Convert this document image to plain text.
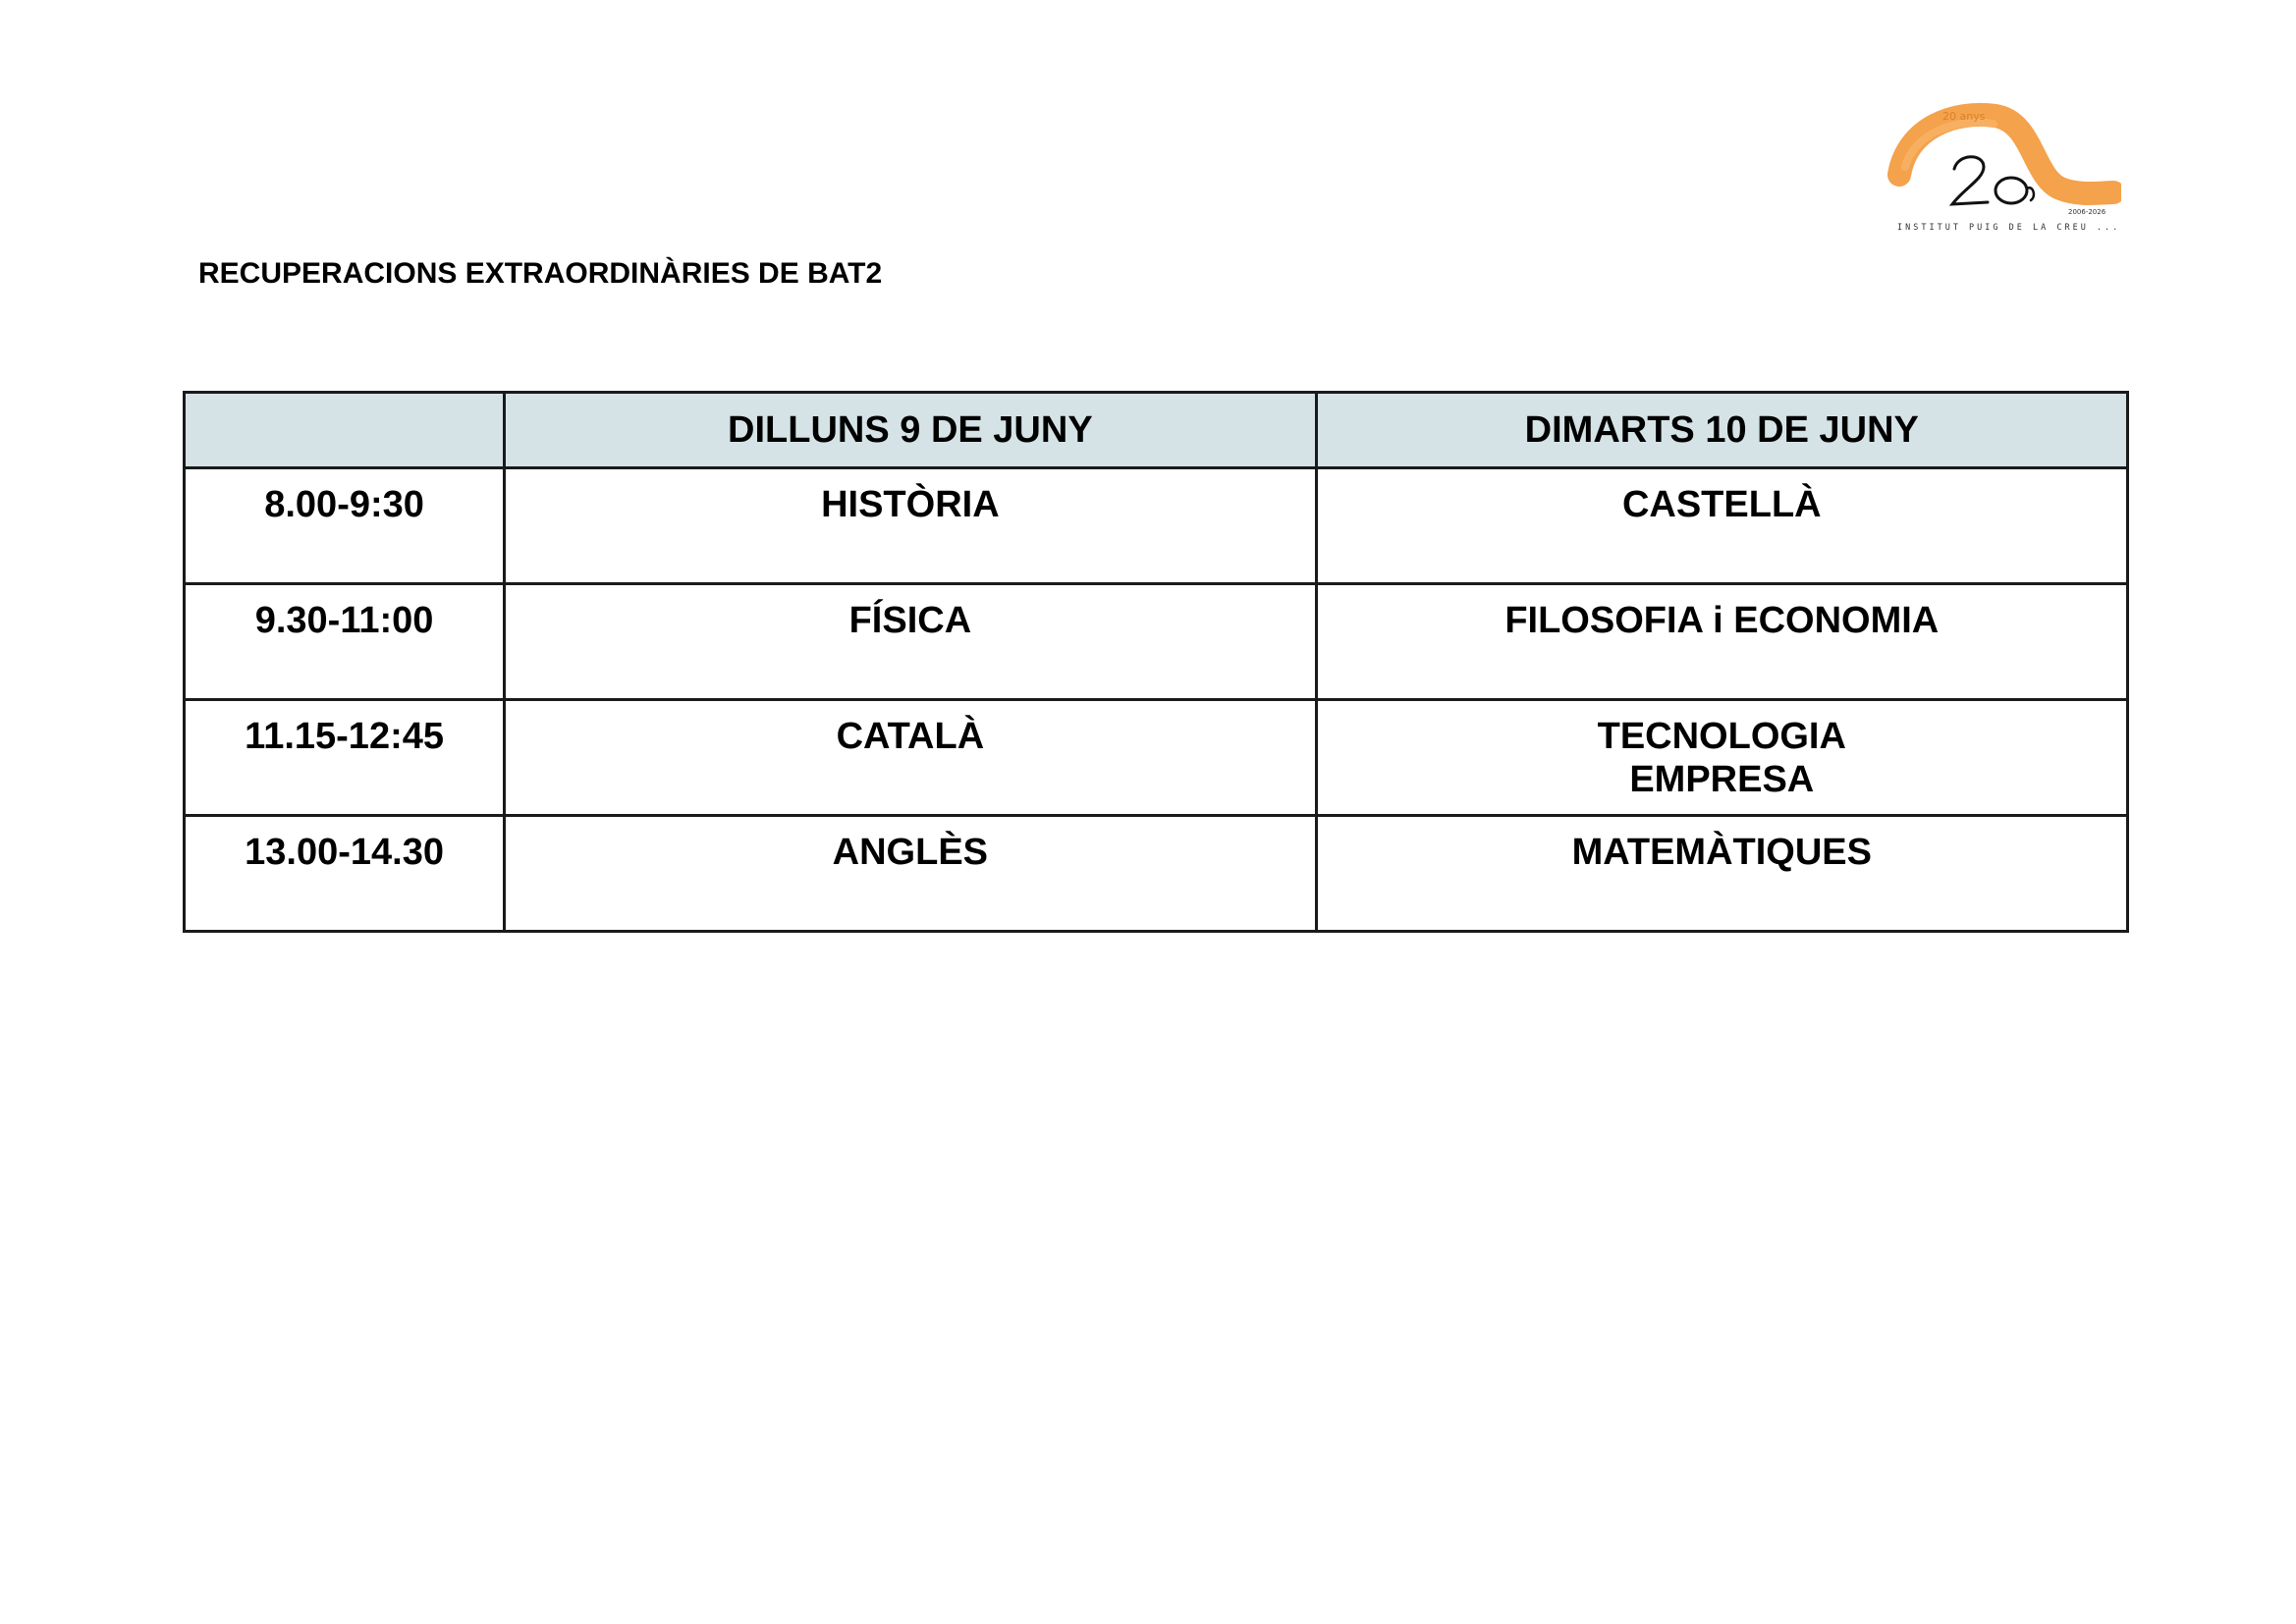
RECUPERACIONS EXTRAORDINÀRIES DE BAT2
20 anys
2006-2026
INSTITUT PUIG DE LA CREU ...
	DILLUNS 9 DE JUNY	DIMARTS 10 DE JUNY
8.00-9:30	HISTÒRIA	CASTELLÀ

9.30-11:00	FÍSICA	FILOSOFIA i ECONOMIA

11.15-12:45	CATALÀ	TECNOLOGIA
EMPRESA

13.00-14.30	ANGLÈS	MATEMÀTIQUES
